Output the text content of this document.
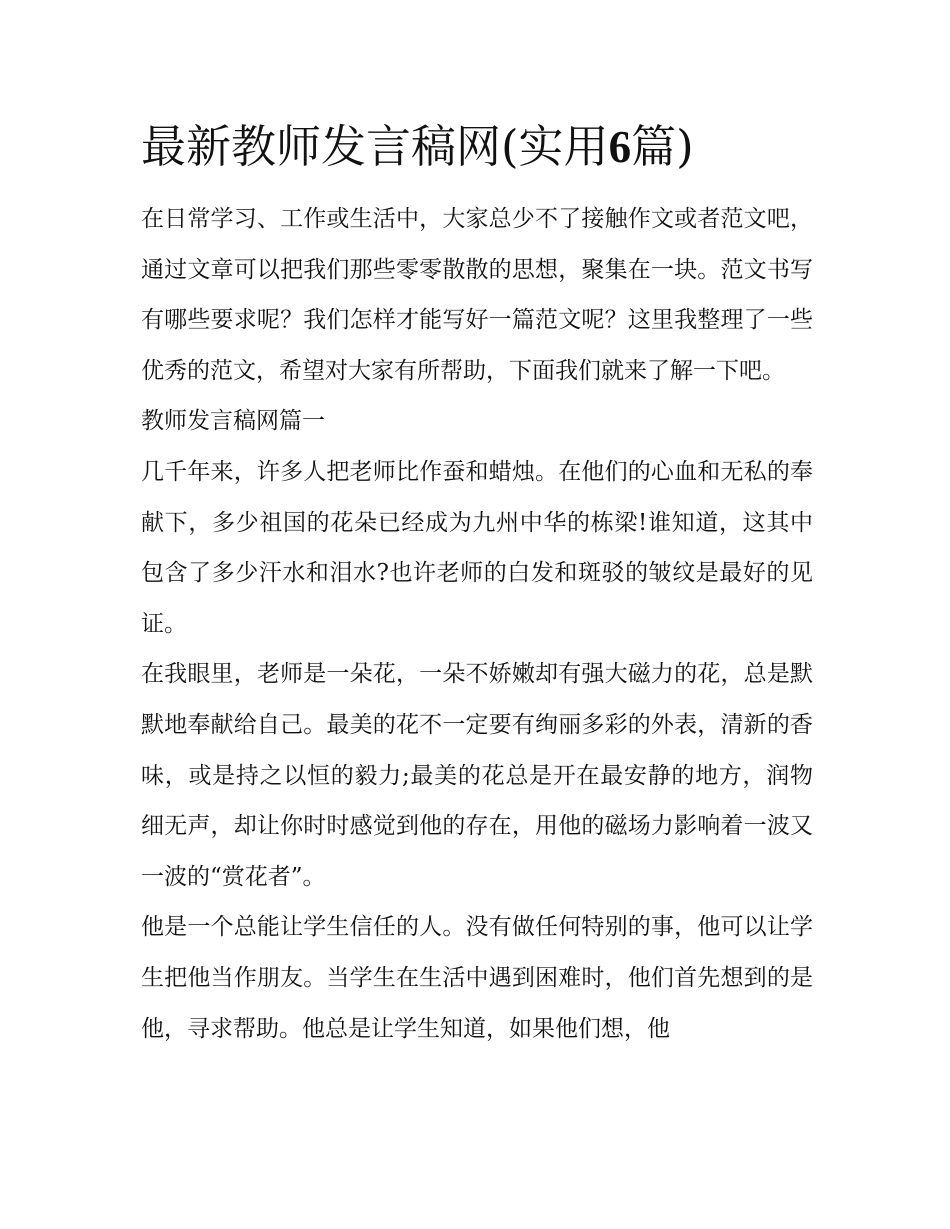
最新教师发言稿网(实用6篇)

在日常学习、工作或生活中，大家总少不了接触作文或者范文吧，通过文章可以把我们那些零零散散的思想，聚集在一块。范文书写有哪些要求呢？我们怎样才能写好一篇范文呢？这里我整理了一些优秀的范文，希望对大家有所帮助，下面我们就来了解一下吧。

教师发言稿网篇一

几千年来，许多人把老师比作蚕和蜡烛。在他们的心血和无私的奉献下，多少祖国的花朵已经成为九州中华的栋梁!谁知道，这其中包含了多少汗水和泪水?也许老师的白发和斑驳的皱纹是最好的见证。

在我眼里，老师是一朵花，一朵不娇嫩却有强大磁力的花，总是默默地奉献给自己。最美的花不一定要有绚丽多彩的外表，清新的香味，或是持之以恒的毅力;最美的花总是开在最安静的地方，润物细无声，却让你时时感觉到他的存在，用他的磁场力影响着一波又一波的“赏花者”。

他是一个总能让学生信任的人。没有做任何特别的事，他可以让学生把他当作朋友。当学生在生活中遇到困难时，他们首先想到的是他，寻求帮助。他总是让学生知道，如果他们想，他
